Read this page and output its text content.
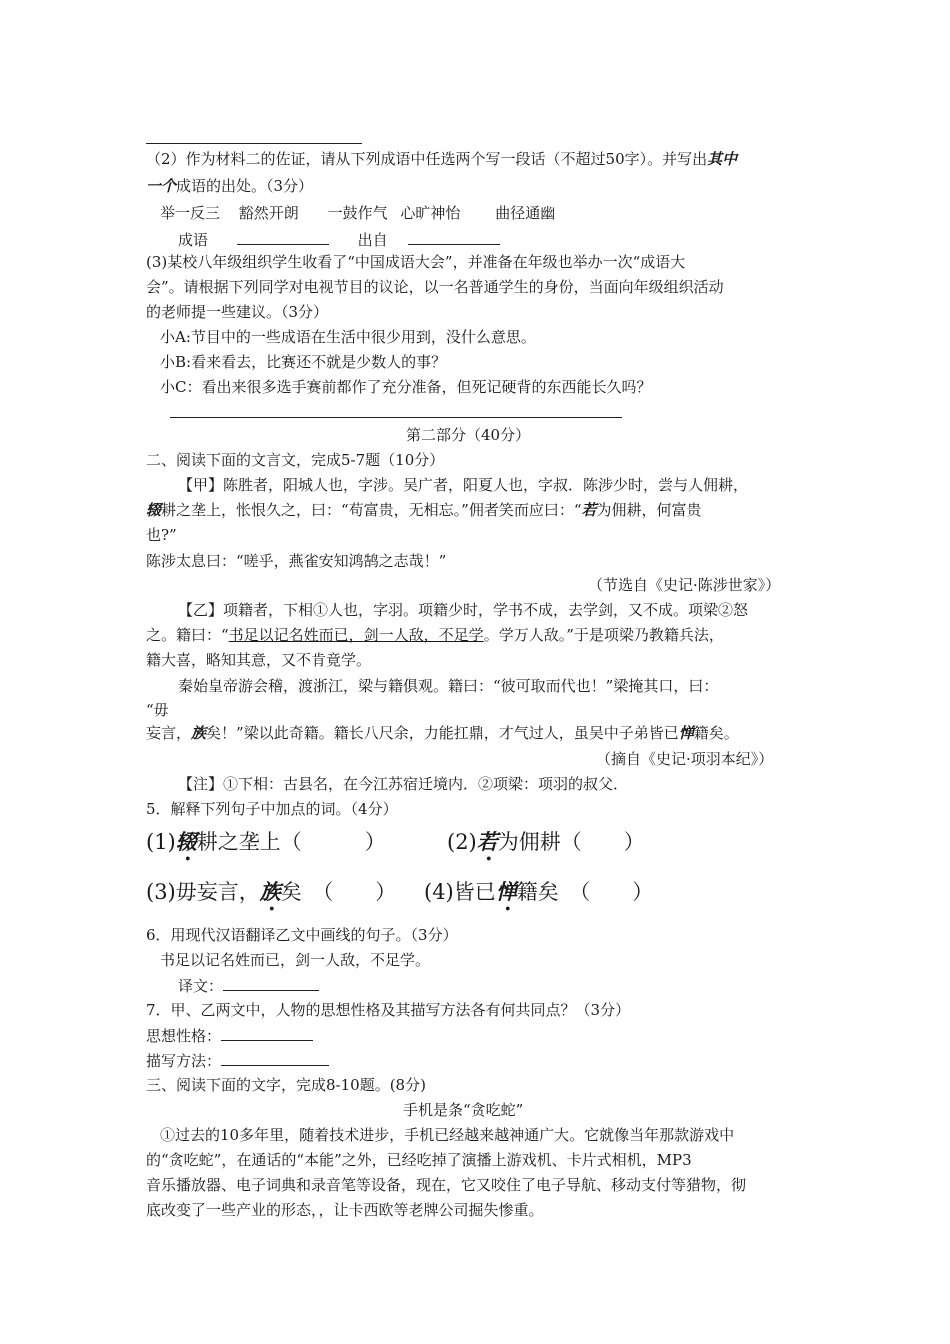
（2）作为材料二的佐证，请从下列成语中任选两个写一段话（不超过50字）。并写出其中
一个成语的出处。（3分）
举一反三 豁然开朗 一鼓作气 心旷神怡 曲径通幽
成语	出自
(3)某校八年级组织学生收看了“中国成语大会”，并准备在年级也举办一次“成语大
会”。请根据下列同学对电视节目的议论，以一名普通学生的身份，当面向年级组织活动
的老师提一些建议。（3分）
小A:节目中的一些成语在生活中很少用到，没什么意思。
小B:看来看去，比赛还不就是少数人的事？
小C：看出来很多选手赛前都作了充分准备，但死记硬背的东西能长久吗？
第二部分（40分）
二、阅读下面的文言文，完成5-7题（10分）
【甲】陈胜者，阳城人也，字涉。吴广者，阳夏人也，字叔．陈涉少时，尝与人佣耕，
辍耕之垄上，怅恨久之，曰：“苟富贵，无相忘。”佣者笑而应曰：“若为佣耕，何富贵
也?”
陈涉太息曰：“嗟乎，燕雀安知鸿鹄之志哉！”
（节选自《史记·陈涉世家》）
【乙】项籍者，下相①人也，字羽。项籍少时，学书不成，去学剑，又不成。项梁②怒
之。籍曰：“书足以记名姓而已，剑一人敌，不足学。学万人敌。”于是项梁乃教籍兵法，
籍大喜，略知其意，又不肯竟学。
秦始皇帝游会稽，渡浙江，梁与籍俱观。籍曰：“彼可取而代也！”梁掩其口，曰：
“毋
妄言，族矣！”梁以此奇籍。籍长八尺余，力能扛鼎，才气过人，虽吴中子弟皆已惮籍矣。
（摘自《史记·项羽本纪》）
【注】①下相：古县名，在今江苏宿迁境内．②项梁：项羽的叔父．
5．解释下列句子中加点的词。（4分）
(1)辍耕之垄上（　　　）	(2)若为佣耕（　　）
(3)毋妄言，族矣　（　　） (4)皆已惮籍矣　（　　）
6．用现代汉语翻译乙文中画线的句子。（3分）
书足以记名姓而已，剑一人敌，不足学。
译文：
7．甲、乙两文中，人物的思想性格及其描写方法各有何共同点？（3分）
思想性格：
描写方法：
三、阅读下面的文字，完成8-10题。(8分)
手机是条“贪吃蛇”
①过去的10多年里，随着技术进步，手机已经越来越神通广大。它就像当年那款游戏中
的“贪吃蛇”，在通话的“本能”之外，已经吃掉了演播上游戏机、卡片式相机，MP3
音乐播放器、电子词典和录音笔等设备，现在，它又咬住了电子导航、移动支付等猎物，彻
底改变了一些产业的形态，，让卡西欧等老牌公司掘失惨重。
